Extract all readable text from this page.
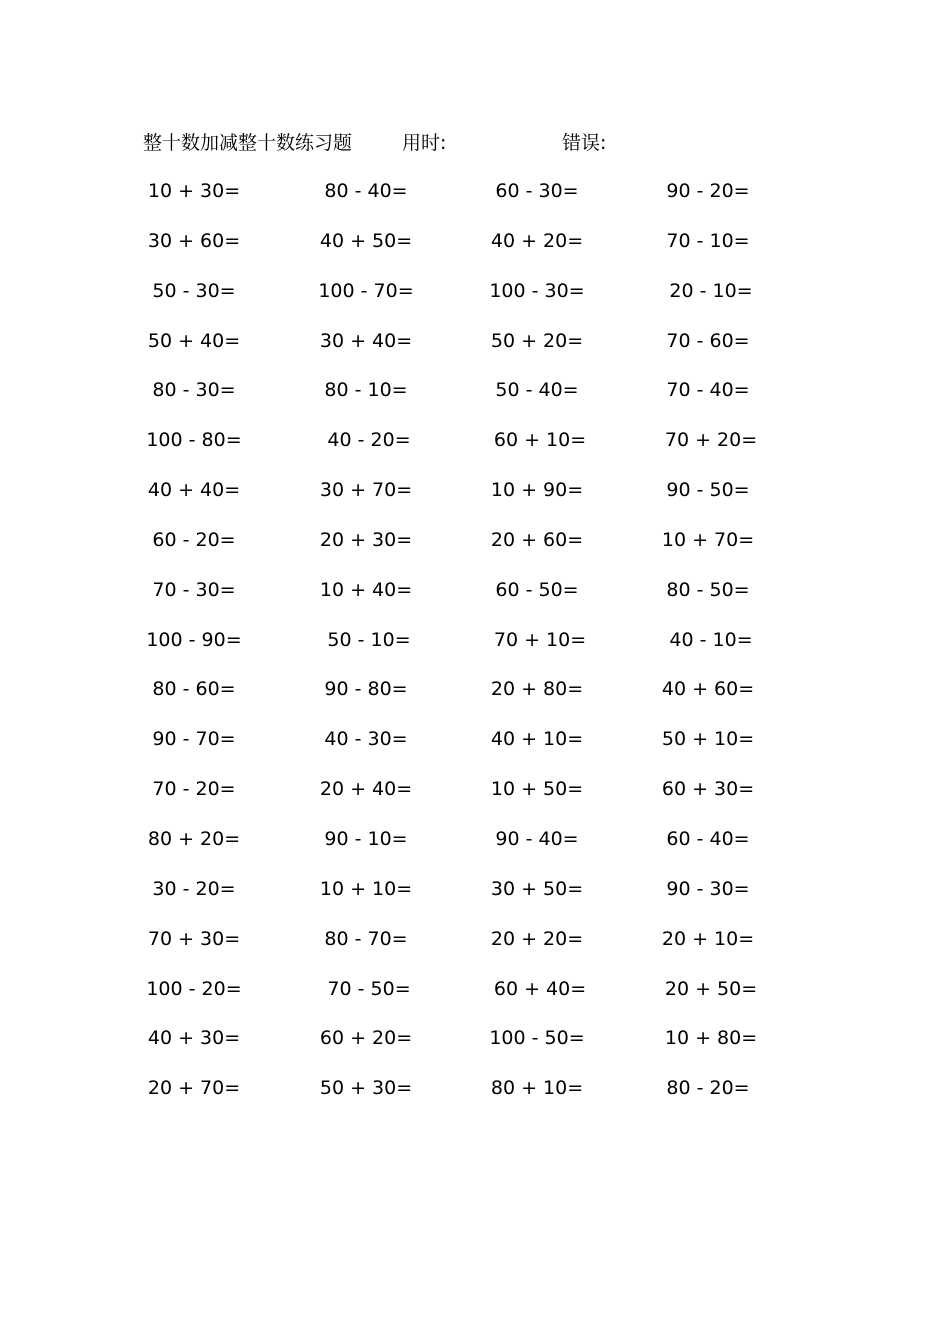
整十数加减整十数练习题	用时:	错误:
10 + 30=	80 - 40=	60 - 30=	90 - 20=
30 + 60=	40 + 50=	40 + 20=	70 - 10=
50 - 30=	100 - 70=	100 - 30=	20 - 10=
50 + 40=	30 + 40=	50 + 20=	70 - 60=
80 - 30=	80 - 10=	50 - 40=	70 - 40=
100 - 80=	40 - 20=	60 + 10=	70 + 20=
40 + 40=	30 + 70=	10 + 90=	90 - 50=
60 - 20=	20 + 30=	20 + 60=	10 + 70=
70 - 30=	10 + 40=	60 - 50=	80 - 50=
100 - 90=	50 - 10=	70 + 10=	40 - 10=
80 - 60=	90 - 80=	20 + 80=	40 + 60=
90 - 70=	40 - 30=	40 + 10=	50 + 10=
70 - 20=	20 + 40=	10 + 50=	60 + 30=
80 + 20=	90 - 10=	90 - 40=	60 - 40=
30 - 20=	10 + 10=	30 + 50=	90 - 30=
70 + 30=	80 - 70=	20 + 20=	20 + 10=
100 - 20=	70 - 50=	60 + 40=	20 + 50=
40 + 30=	60 + 20=	100 - 50=	10 + 80=
20 + 70=	50 + 30=	80 + 10=	80 - 20=
